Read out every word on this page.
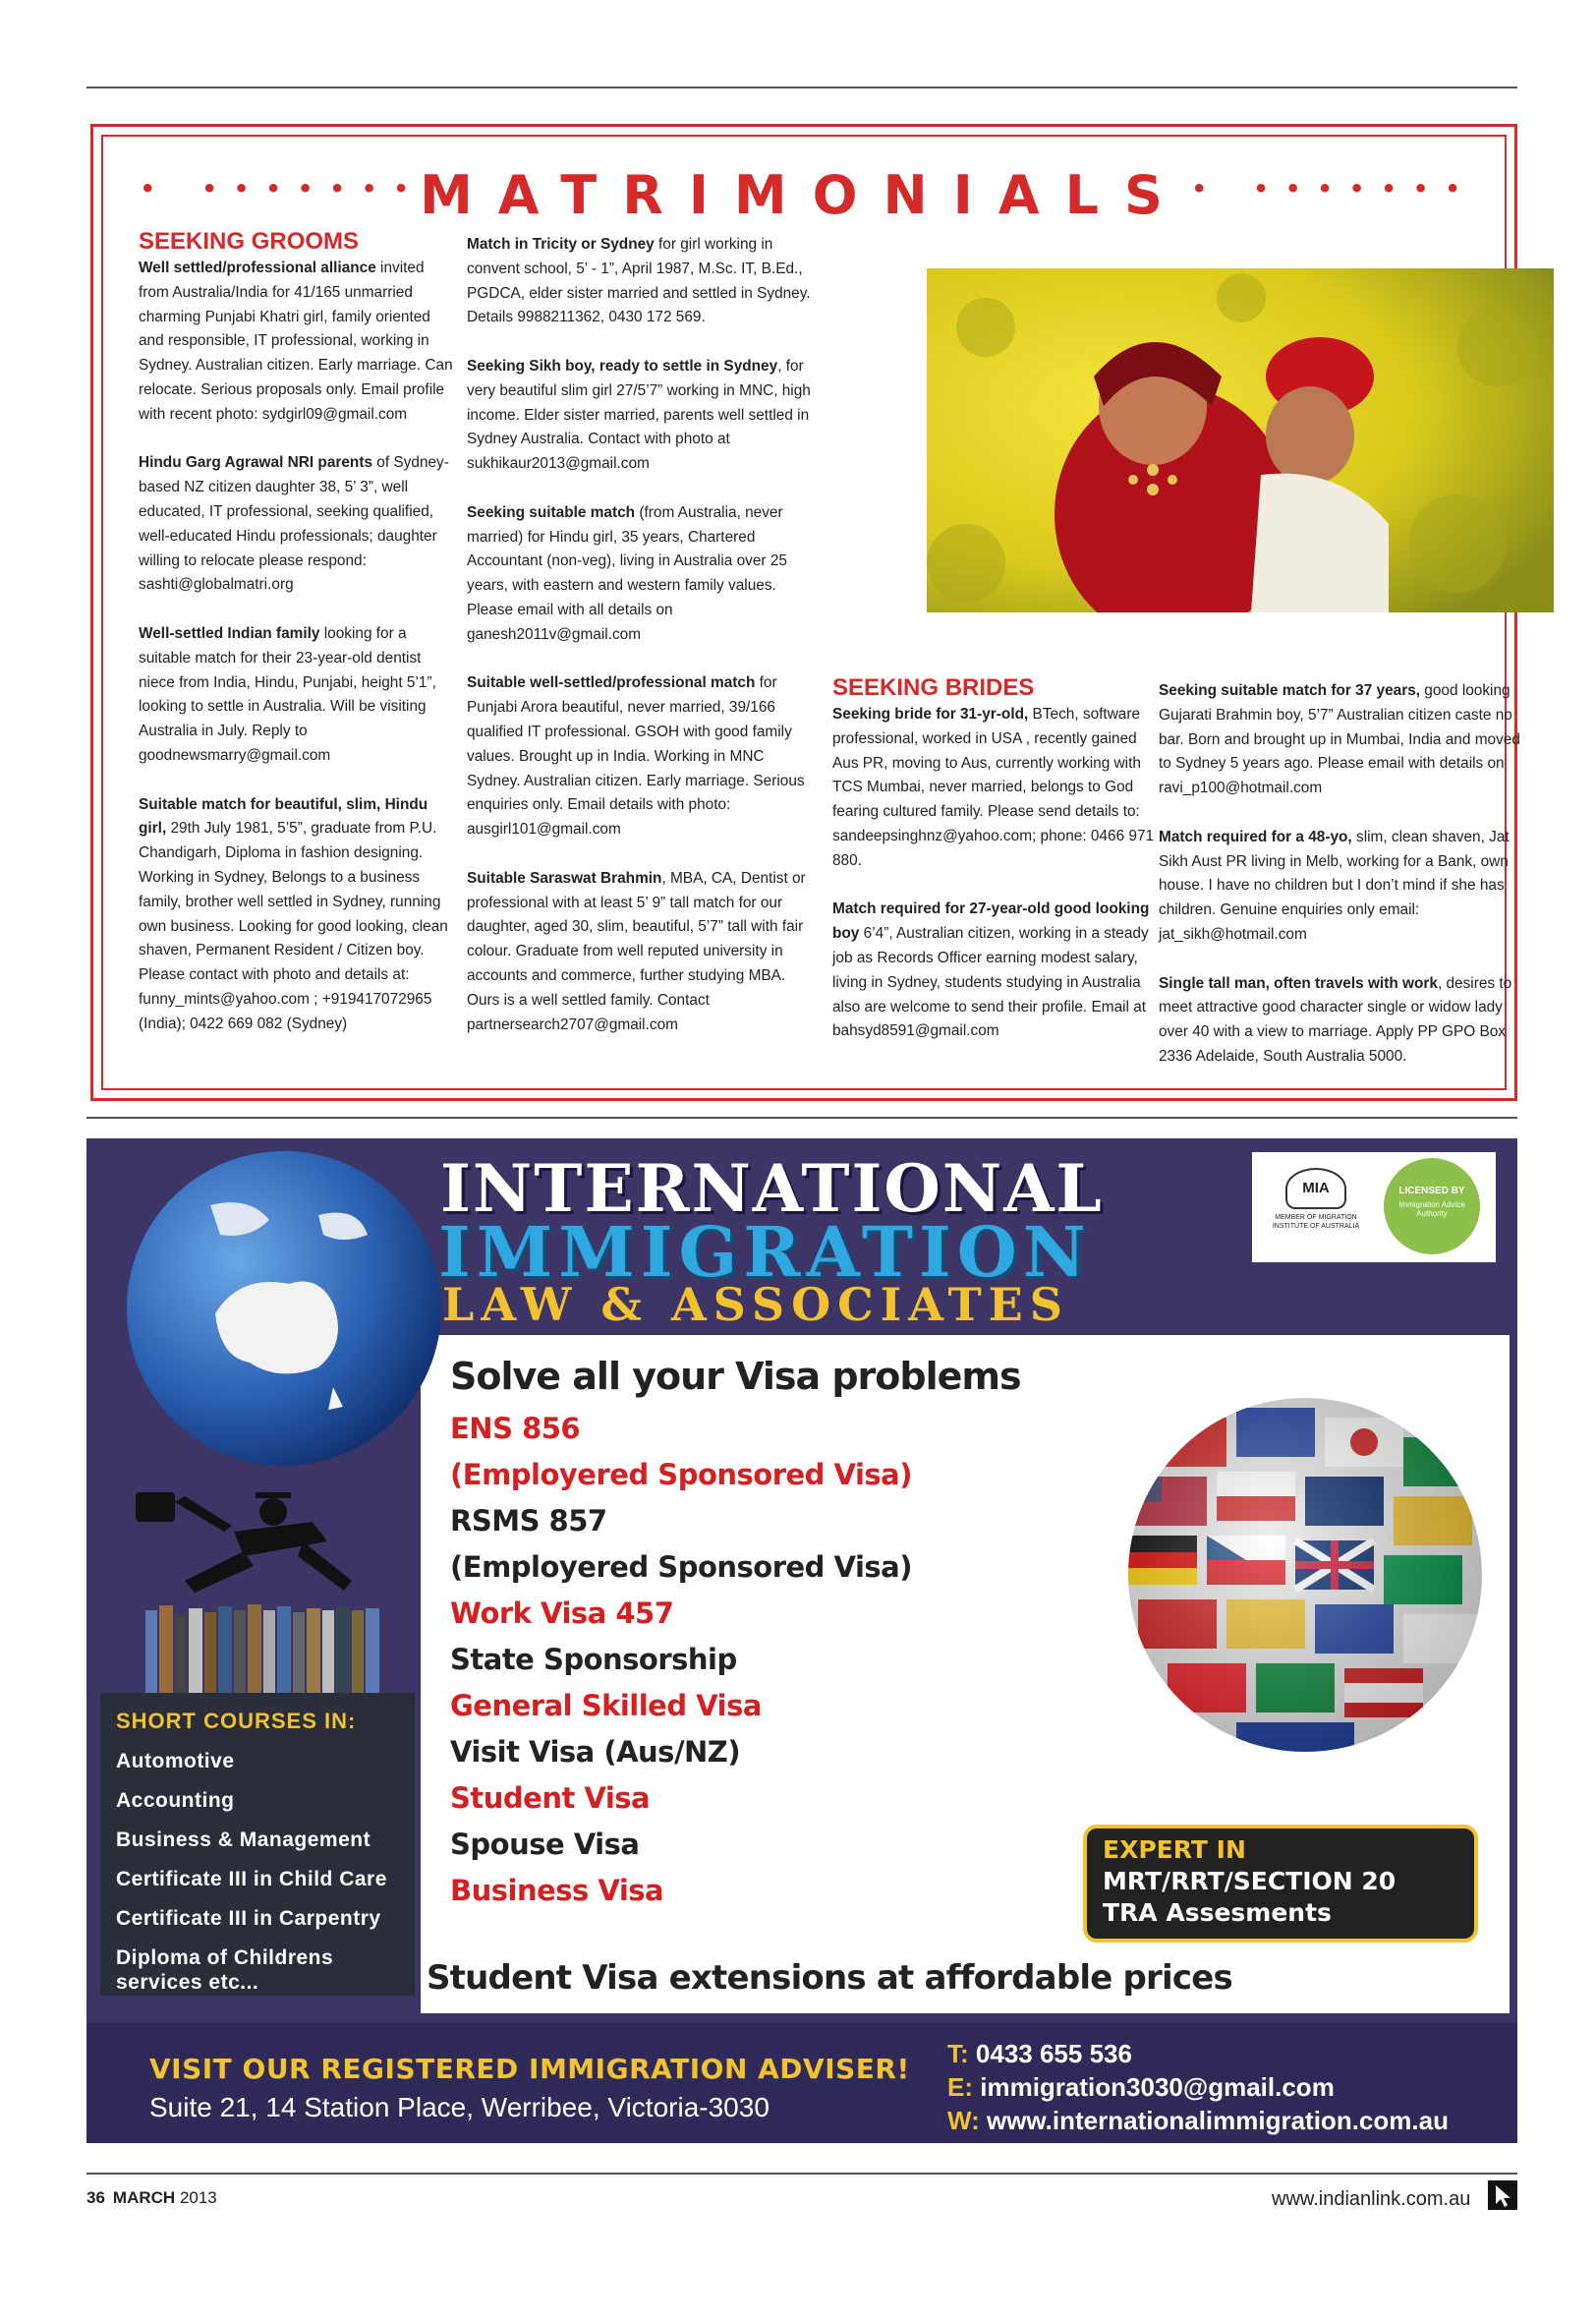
• •••••••
MATRIMONIALS • •••••••
SEEKING GROOMS

Well settled/professional alliance invited from Australia/India for 41/165 unmarried charming Punjabi Khatri girl, family oriented and responsible, IT professional, working in Sydney. Australian citizen. Early marriage. Can relocate. Serious proposals only. Email profile with recent photo: sydgirl09@gmail.com

Hindu Garg Agrawal NRI parents of Sydney-based NZ citizen daughter 38, 5’ 3”, well educated, IT professional, seeking qualified, well-educated Hindu professionals; daughter willing to relocate please respond: sashti@globalmatri.org

Well-settled Indian family looking for a suitable match for their 23-year-old dentist niece from India, Hindu, Punjabi, height 5’1”, looking to settle in Australia. Will be visiting Australia in July. Reply to goodnewsmarry@gmail.com

Suitable match for beautiful, slim, Hindu girl, 29th July 1981, 5’5”, graduate from P.U. Chandigarh, Diploma in fashion designing. Working in Sydney, Belongs to a business family, brother well settled in Sydney, running own business. Looking for good looking, clean shaven, Permanent Resident / Citizen boy. Please contact with photo and details at: funny_mints@yahoo.com ; +919417072965 (India); 0422 669 082 (Sydney)

Match in Tricity or Sydney for girl working in convent school, 5’ - 1”, April 1987, M.Sc. IT, B.Ed., PGDCA, elder sister married and settled in Sydney. Details 9988211362, 0430 172 569.

Seeking Sikh boy, ready to settle in Sydney, for very beautiful slim girl 27/5’7” working in MNC, high income. Elder sister married, parents well settled in Sydney Australia. Contact with photo at sukhikaur2013@gmail.com

Seeking suitable match (from Australia, never married) for Hindu girl, 35 years, Chartered Accountant (non-veg), living in Australia over 25 years, with eastern and western family values. Please email with all details on ganesh2011v@gmail.com

Suitable well-settled/professional match for Punjabi Arora beautiful, never married, 39/166 qualified IT professional. GSOH with good family values. Brought up in India. Working in MNC Sydney. Australian citizen. Early marriage. Serious enquiries only. Email details with photo: ausgirl101@gmail.com

Suitable Saraswat Brahmin, MBA, CA, Dentist or professional with at least 5’ 9” tall match for our daughter, aged 30, slim, beautiful, 5’7” tall with fair colour. Graduate from well reputed university in accounts and commerce, further studying MBA. Ours is a well settled family. Contact partnersearch2707@gmail.com

SEEKING BRIDES

Seeking bride for 31-yr-old, BTech, software professional, worked in USA , recently gained Aus PR, moving to Aus, currently working with TCS Mumbai, never married, belongs to God fearing cultured family. Please send details to: sandeepsinghnz@yahoo.com; phone: 0466 971 880.

Match required for 27-year-old good looking boy 6’4”, Australian citizen, working in a steady job as Records Officer earning modest salary, living in Sydney, students studying in Australia also are welcome to send their profile. Email at bahsyd8591@gmail.com

Seeking suitable match for 37 years, good looking Gujarati Brahmin boy, 5’7” Australian citizen caste no bar. Born and brought up in Mumbai, India and moved to Sydney 5 years ago. Please email with details on ravi_p100@hotmail.com

Match required for a 48-yo, slim, clean shaven, Jat Sikh Aust PR living in Melb, working for a Bank, own house. I have no children but I don’t mind if she has children. Genuine enquiries only email: jat_sikh@hotmail.com

Single tall man, often travels with work, desires to meet attractive good character single or widow lady over 40 with a view to marriage. Apply PP GPO Box 2336 Adelaide, South Australia 5000.

INTERNATIONAL
IMMIGRATION
LAW & ASSOCIATES
MIA
MEMBER OF MIGRATION INSTITUTE OF AUSTRALIA
LICENSED BY
Immigration Advice Authority
Solve all your Visa problems
ENS 856
(Employered Sponsored Visa)
RSMS 857
(Employered Sponsored Visa)
Work Visa 457
State Sponsorship
General Skilled Visa
Visit Visa (Aus/NZ)
Student Visa
Spouse Visa
Business Visa
SHORT COURSES IN:
Automotive
Accounting
Business & Management
Certificate III in Child Care
Certificate III in Carpentry
Diploma of Childrens
services etc...
EXPERT IN
MRT/RRT/SECTION 20
TRA Assesments
Student Visa extensions at affordable prices
VISIT OUR REGISTERED IMMIGRATION ADVISER!
Suite 21, 14 Station Place, Werribee, Victoria-3030
T: 0433 655 536
E: immigration3030@gmail.com
W: www.internationalimmigration.com.au
36 MARCH 2013	www.indianlink.com.au
